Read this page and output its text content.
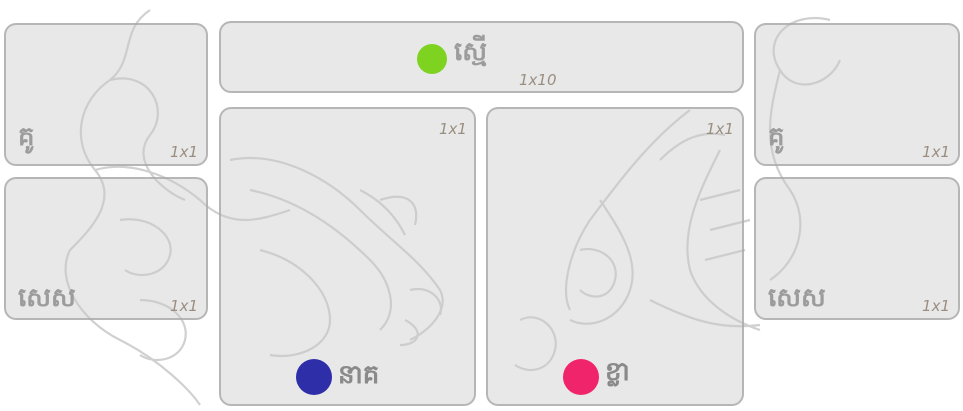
គូ	1x1
សេស	1x1
ស្មើ
1x10
1x1
នាគ
1x1
ខ្លា
គូ	1x1
សេស	1x1
